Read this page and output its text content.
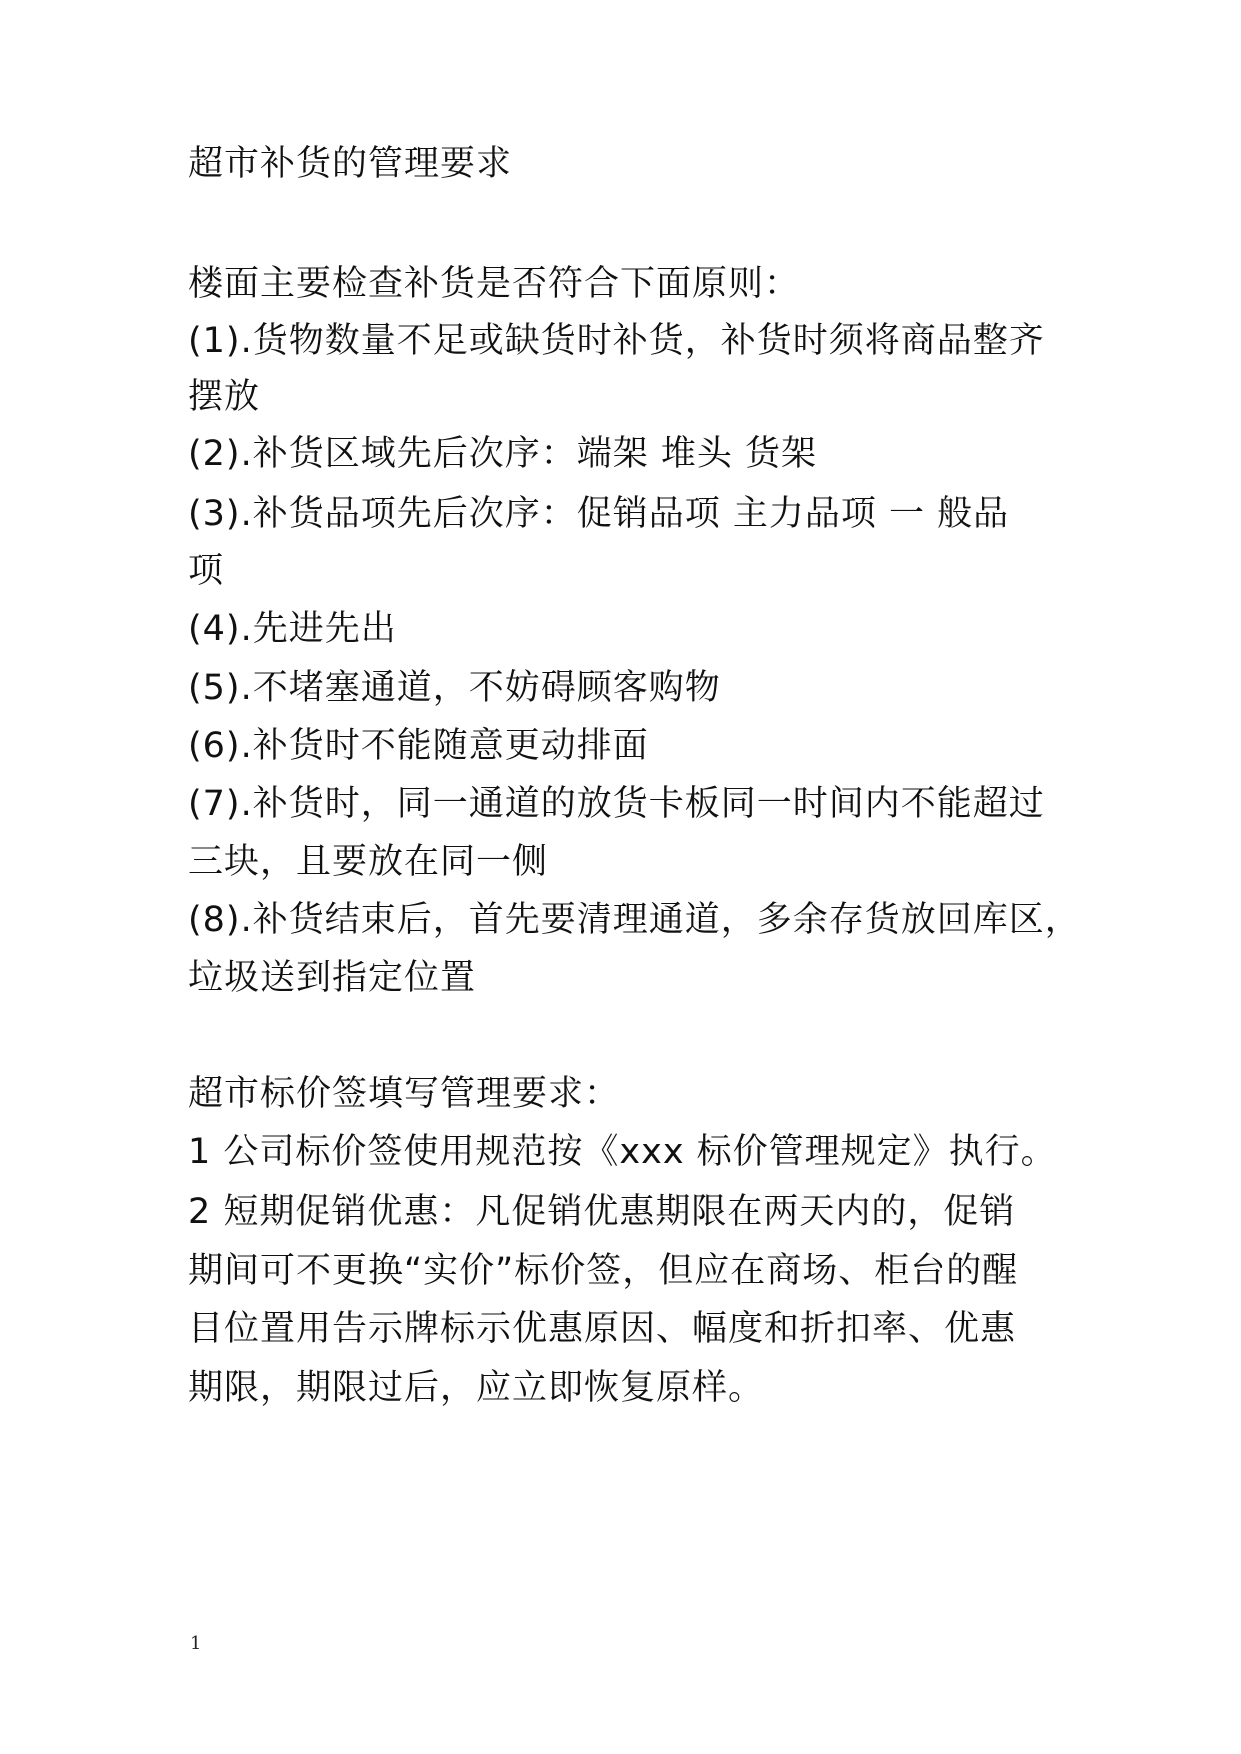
超市补货的管理要求
楼面主要检查补货是否符合下面原则：
(1).货物数量不足或缺货时补货，补货时须将商品整齐
摆放
(2).补货区域先后次序：端架 堆头 货架
(3).补货品项先后次序：促销品项 主力品项 一 般品
项
(4).先进先出
(5).不堵塞通道，不妨碍顾客购物
(6).补货时不能随意更动排面
(7).补货时，同一通道的放货卡板同一时间内不能超过
三块，且要放在同一侧
(8).补货结束后，首先要清理通道，多余存货放回库区，
垃圾送到指定位置
超市标价签填写管理要求：
1 公司标价签使用规范按《xxx 标价管理规定》执行。
2 短期促销优惠：凡促销优惠期限在两天内的，促销
期间可不更换“实价”标价签，但应在商场、柜台的醒
目位置用告示牌标示优惠原因、幅度和折扣率、优惠
期限，期限过后，应立即恢复原样。
1
